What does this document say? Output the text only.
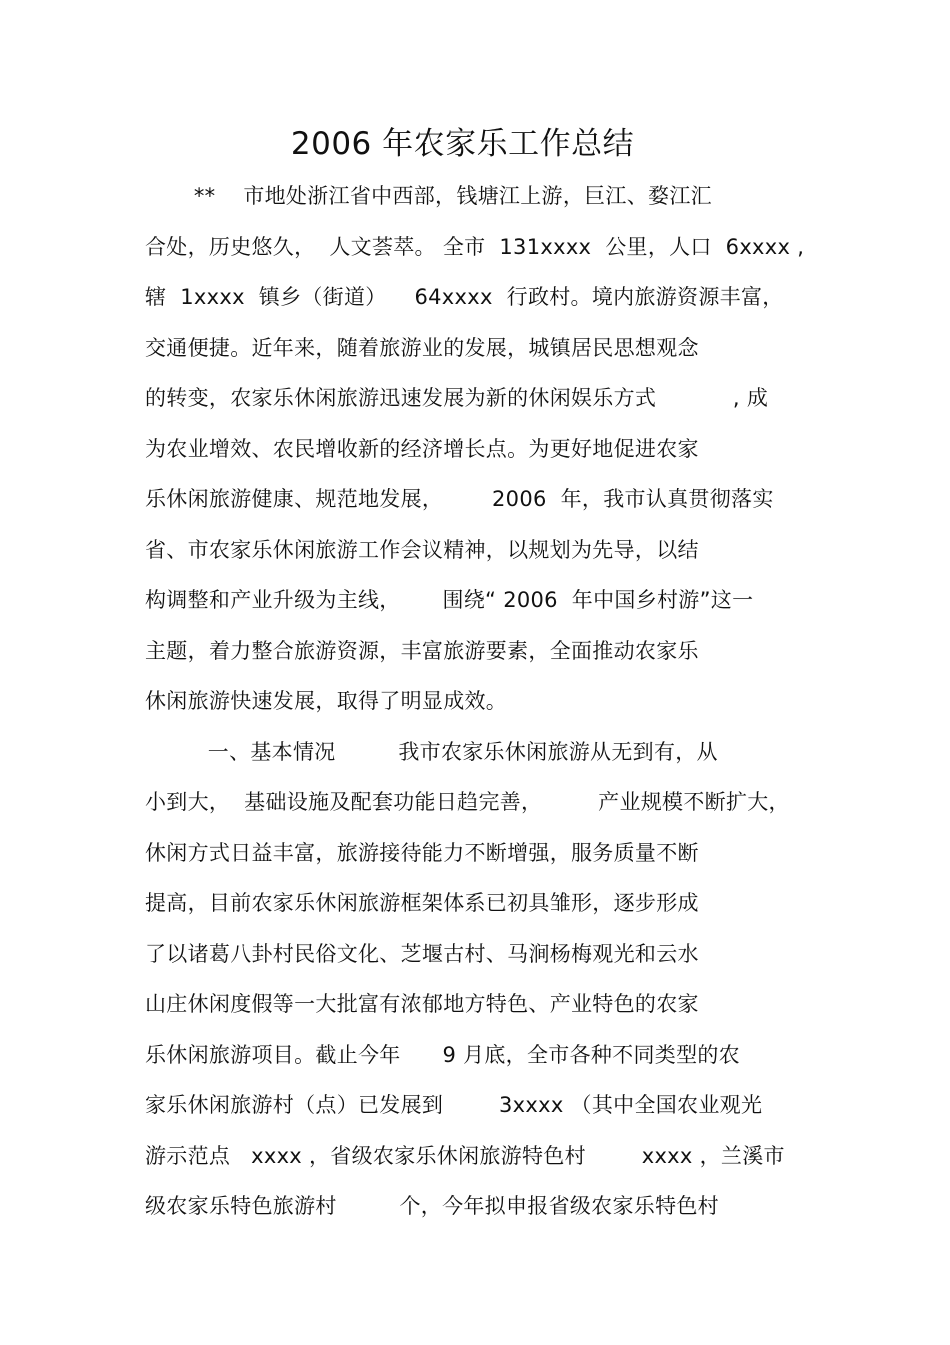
2006 年农家乐工作总结
**    市地处浙江省中西部，钱塘江上游，巨江、婺江汇
合处，历史悠久，  人文荟萃。 全市  131xxxx  公里，人口  6xxxx ,
辖  1xxxx  镇乡（街道）    64xxxx  行政村。境内旅游资源丰富，
交通便捷。近年来，随着旅游业的发展，城镇居民思想观念
的转变，农家乐休闲旅游迅速发展为新的休闲娱乐方式           , 成
为农业增效、农民增收新的经济增长点。为更好地促进农家
乐休闲旅游健康、规范地发展，       2006  年，我市认真贯彻落实
省、市农家乐休闲旅游工作会议精神，以规划为先导，以结
构调整和产业升级为主线，      围绕“ 2006  年中国乡村游”这一
主题，着力整合旅游资源，丰富旅游要素，全面推动农家乐
休闲旅游快速发展，取得了明显成效。
一、基本情况         我市农家乐休闲旅游从无到有，从
小到大，  基础设施及配套功能日趋完善，        产业规模不断扩大，
休闲方式日益丰富，旅游接待能力不断增强，服务质量不断
提高，目前农家乐休闲旅游框架体系已初具雏形，逐步形成
了以诸葛八卦村民俗文化、芝堰古村、马涧杨梅观光和云水
山庄休闲度假等一大批富有浓郁地方特色、产业特色的农家
乐休闲旅游项目。截止今年      9 月底，全市各种不同类型的农
家乐休闲旅游村（点）已发展到        3xxxx （其中全国农业观光
游示范点   xxxx ，省级农家乐休闲旅游特色村        xxxx ，兰溪市
级农家乐特色旅游村         个，今年拟申报省级农家乐特色村
